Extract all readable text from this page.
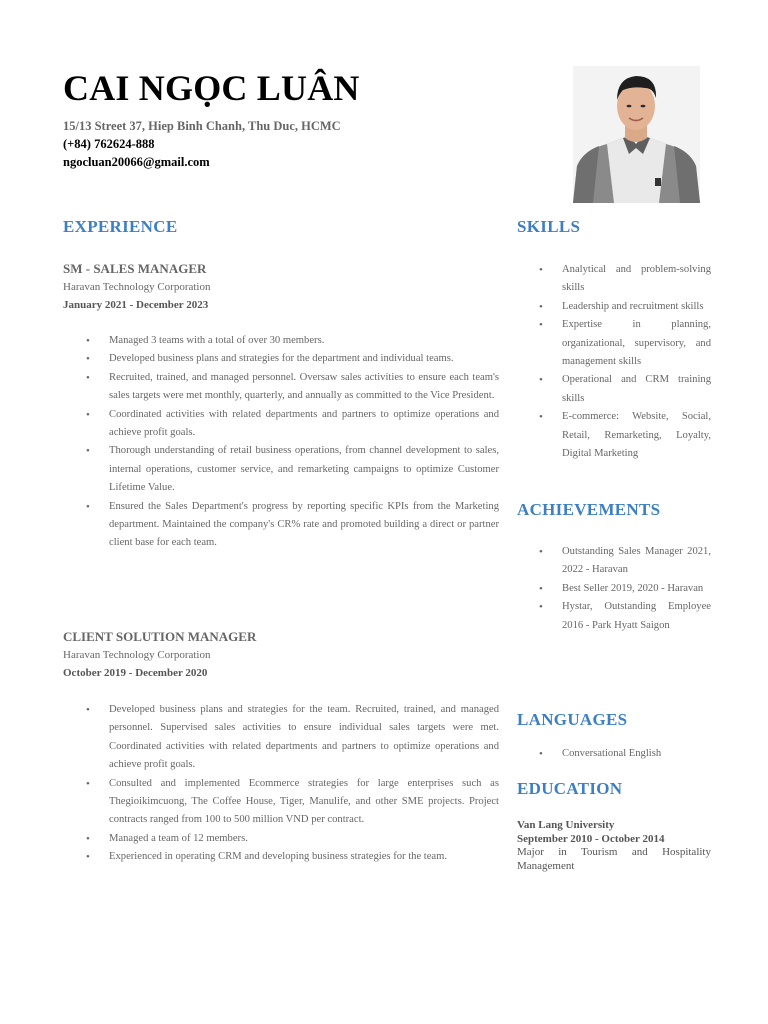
CAI NGỌC LUÂN
15/13 Street 37, Hiep Binh Chanh, Thu Duc, HCMC
(+84) 762624-888
ngocluan20066@gmail.com
EXPERIENCE
SM - SALES MANAGER
Haravan Technology Corporation
January 2021 - December 2023
• Managed 3 teams with a total of over 30 members.
• Developed business plans and strategies for the department and individual teams.
• Recruited, trained, and managed personnel. Oversaw sales activities to ensure each team's sales targets were met monthly, quarterly, and annually as committed to the Vice President.
• Coordinated activities with related departments and partners to optimize operations and achieve profit goals.
• Thorough understanding of retail business operations, from channel development to sales, internal operations, customer service, and remarketing campaigns to optimize Customer Lifetime Value.
• Ensured the Sales Department's progress by reporting specific KPIs from the Marketing department. Maintained the company's CR% rate and promoted building a direct or partner client base for each team.
CLIENT SOLUTION MANAGER
Haravan Technology Corporation
October 2019 - December 2020
• Developed business plans and strategies for the team. Recruited, trained, and managed personnel. Supervised sales activities to ensure individual sales targets were met. Coordinated activities with related departments and partners to optimize operations and achieve profit goals.
• Consulted and implemented Ecommerce strategies for large enterprises such as Thegioikimcuong, The Coffee House, Tiger, Manulife, and other SME projects. Project contracts ranged from 100 to 500 million VND per contract.
• Managed a team of 12 members.
• Experienced in operating CRM and developing business strategies for the team.
SKILLS
• Analytical and problem-solving skills
• Leadership and recruitment skills
• Expertise in planning, organizational, supervisory, and management skills
• Operational and CRM training skills
• E-commerce: Website, Social, Retail, Remarketing, Loyalty, Digital Marketing
ACHIEVEMENTS
• Outstanding Sales Manager 2021, 2022 - Haravan
• Best Seller 2019, 2020 - Haravan
• Hystar, Outstanding Employee 2016 - Park Hyatt Saigon
LANGUAGES
• Conversational English
EDUCATION
Van Lang University
September 2010 - October 2014
Major in Tourism and Hospitality Management
